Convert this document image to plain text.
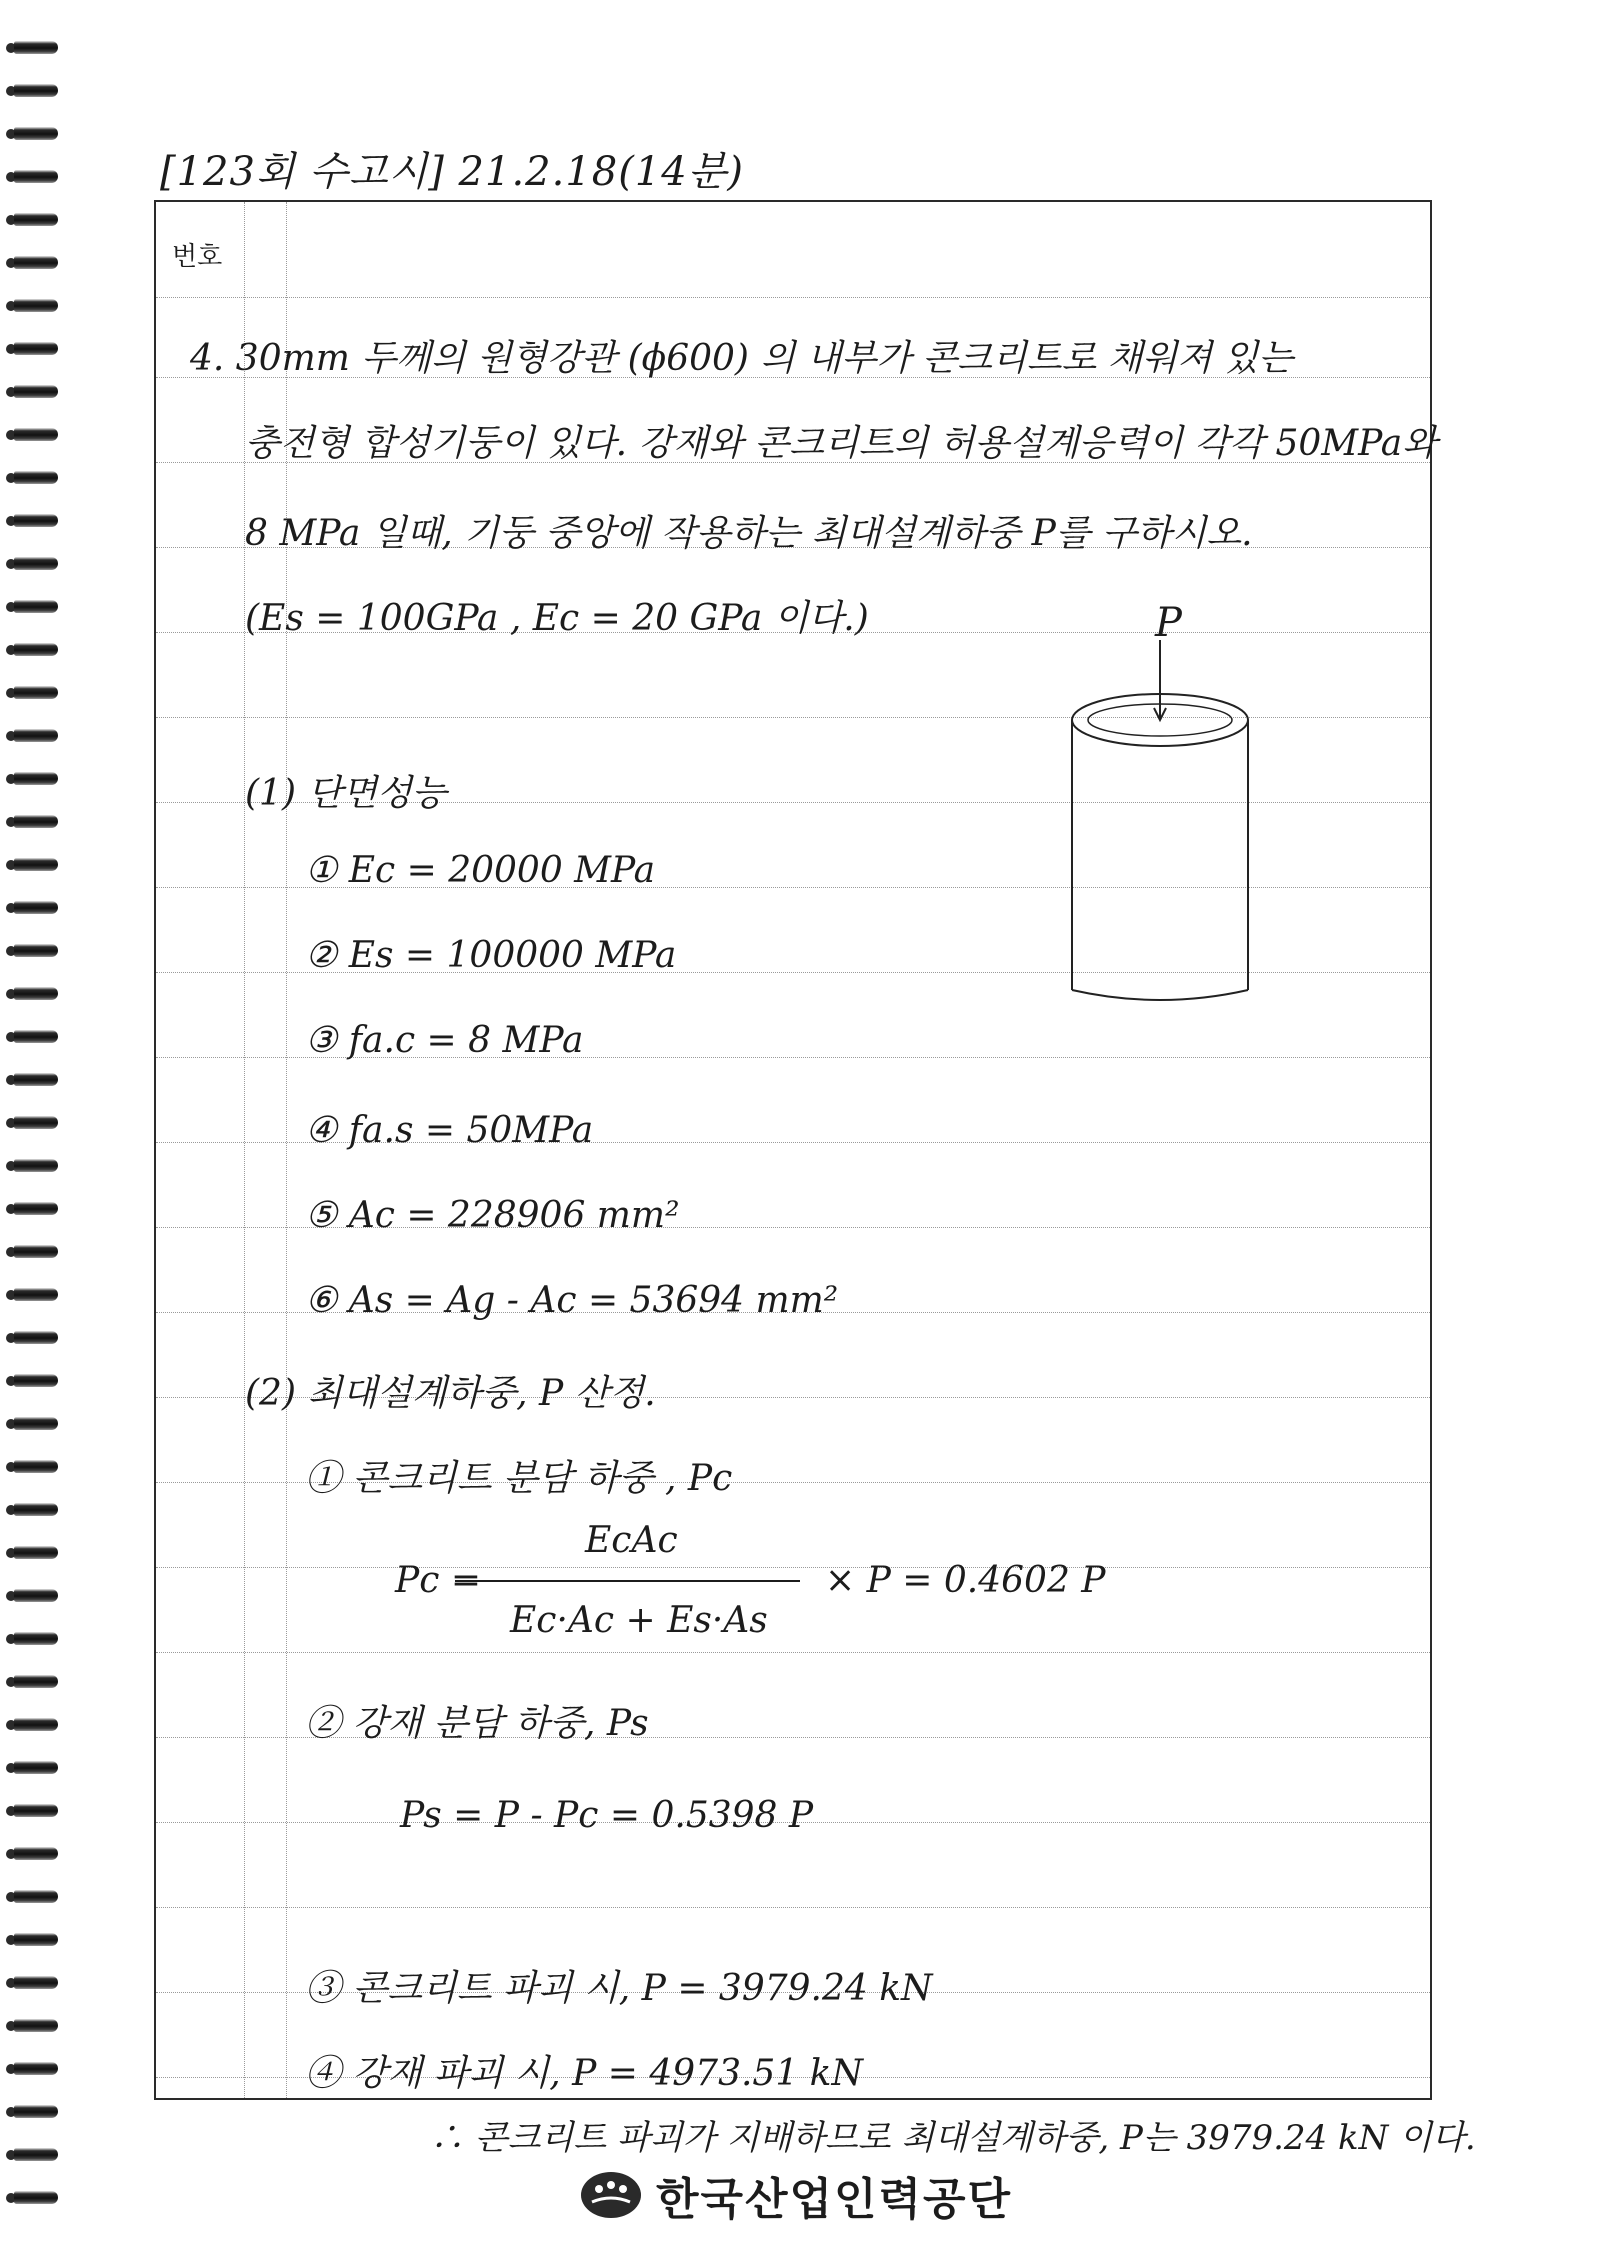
[123회 수고시] 21.2.18(14분)
번호
4. 30mm 두께의 원형강관 (ϕ600) 의 내부가 콘크리트로 채워져 있는
충전형 합성기둥이 있다. 강재와 콘크리트의 허용설계응력이 각각 50MPa와
8 MPa 일때, 기둥 중앙에 작용하는 최대설계하중 P를 구하시오.
(Es = 100GPa , Ec = 20 GPa 이다.)	P
(1) 단면성능
① Ec = 20000 MPa
② Es = 100000 MPa
③ fa.c = 8 MPa
④ fa.s = 50MPa
⑤ Ac = 228906 mm²
⑥ As = Ag - Ac = 53694 mm²
(2) 최대설계하중, P 산정.
① 콘크리트 분담 하중 , Pc
Pc =
EcAc
Ec·Ac + Es·As
× P = 0.4602 P
② 강재 분담 하중, Ps
Ps = P - Pc = 0.5398 P
③ 콘크리트 파괴 시, P = 3979.24 kN
④ 강재 파괴 시, P = 4973.51 kN
∴ 콘크리트 파괴가 지배하므로 최대설계하중, P는 3979.24 kN 이다.
한국산업인력공단
